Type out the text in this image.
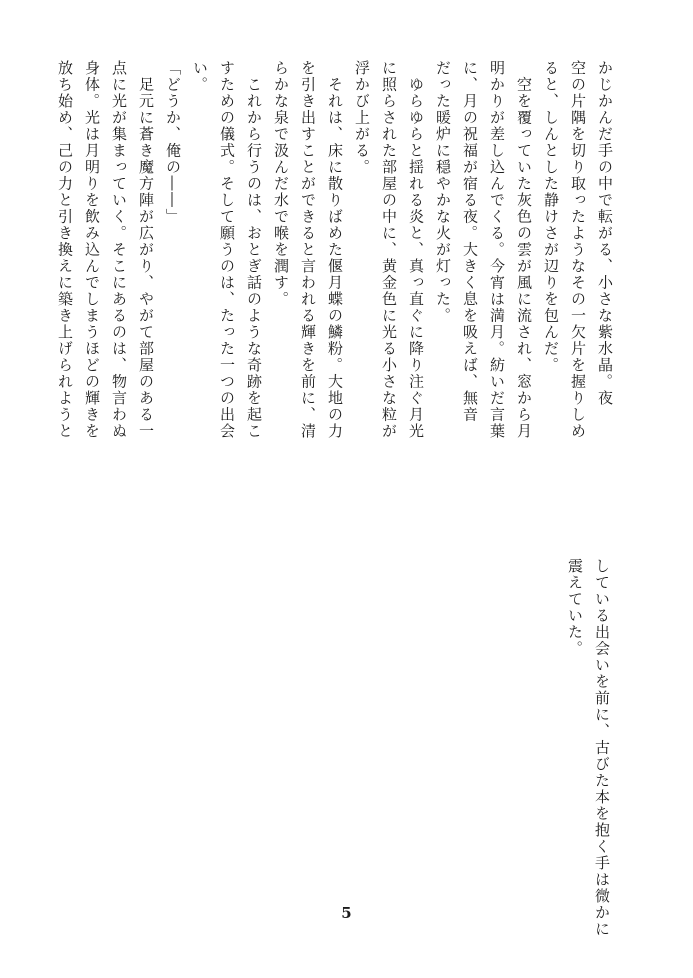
かじかんだ手の中で転がる、小さな紫水晶。夜

空の片隅を切り取ったようなその一欠片を握りしめ

ると、しんとした静けさが辺りを包んだ。

　空を覆っていた灰色の雲が風に流され、窓から月

明かりが差し込んでくる。今宵は満月。紡いだ言葉

に、月の祝福が宿る夜。大きく息を吸えば、無音

だった暖炉に穏やかな火が灯った。

　ゆらゆらと揺れる炎と、真っ直ぐに降り注ぐ月光

に照らされた部屋の中に、黄金色に光る小さな粒が

浮かび上がる。

　それは、床に散りばめた偃月蝶の鱗粉。大地の力

を引き出すことができると言われる輝きを前に、清

らかな泉で汲んだ水で喉を潤す。

　これから行うのは、おとぎ話のような奇跡を起こ

すための儀式。そして願うのは、たった一つの出会

い。

「どうか、俺の――」

　足元に蒼き魔方陣が広がり、やがて部屋のある一

点に光が集まっていく。そこにあるのは、物言わぬ

身体。光は月明りを飲み込んでしまうほどの輝きを

放ち始め、己の力と引き換えに築き上げられようと

している出会いを前に、古びた本を抱く手は微かに

震えていた。

5
